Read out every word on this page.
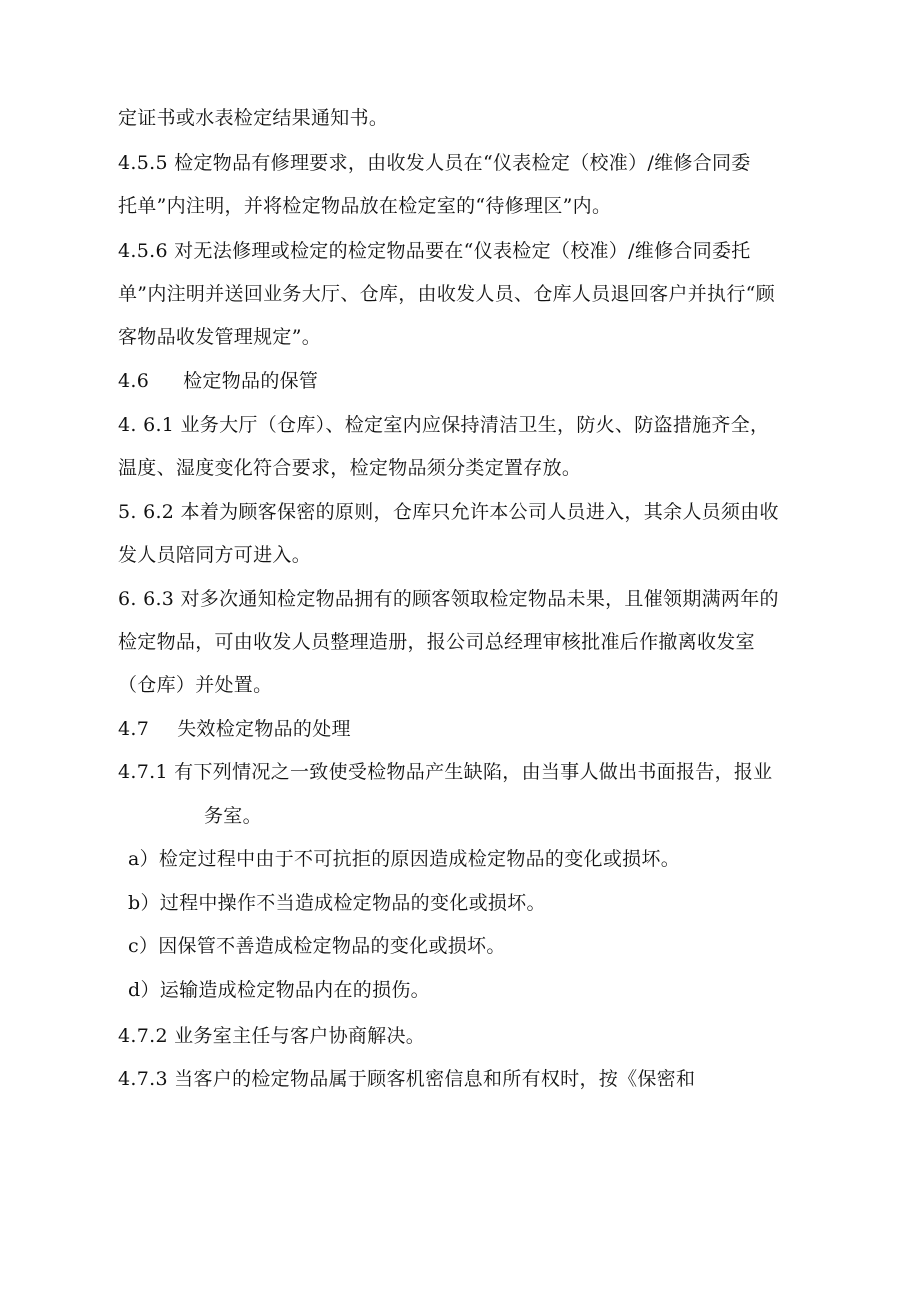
定证书或水表检定结果通知书。
4.5.5 检定物品有修理要求，由收发人员在“仪表检定（校准）/维修合同委
托单”内注明，并将检定物品放在检定室的“待修理区”内。
4.5.6 对无法修理或检定的检定物品要在“仪表检定（校准）/维修合同委托
单”内注明并送回业务大厅、仓库，由收发人员、仓库人员退回客户并执行“顾
客物品收发管理规定”。
4.6 检定物品的保管
4. 6.1 业务大厅（仓库）、检定室内应保持清洁卫生，防火、防盗措施齐全，
温度、湿度变化符合要求，检定物品须分类定置存放。
5. 6.2 本着为顾客保密的原则，仓库只允许本公司人员进入，其余人员须由收
发人员陪同方可进入。
6. 6.3 对多次通知检定物品拥有的顾客领取检定物品未果，且催领期满两年的
检定物品，可由收发人员整理造册，报公司总经理审核批准后作撤离收发室
（仓库）并处置。
4.7 失效检定物品的处理
4.7.1 有下列情况之一致使受检物品产生缺陷，由当事人做出书面报告，报业
务室。
a）检定过程中由于不可抗拒的原因造成检定物品的变化或损坏。
b）过程中操作不当造成检定物品的变化或损坏。
c）因保管不善造成检定物品的变化或损坏。
d）运输造成检定物品内在的损伤。
4.7.2 业务室主任与客户协商解决。
4.7.3 当客户的检定物品属于顾客机密信息和所有权时，按《保密和
